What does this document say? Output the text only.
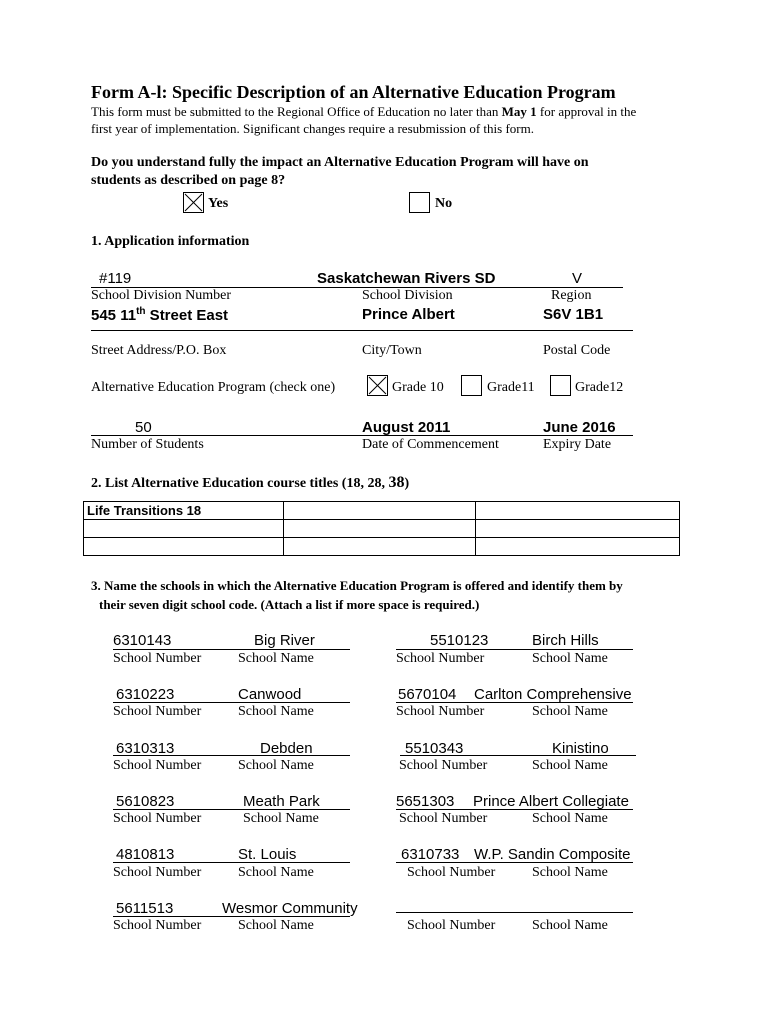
Form A-l: Specific Description of an Alternative Education Program
This form must be submitted to the Regional Office of Education no later than May 1 for approval in the
first year of implementation. Significant changes require a resubmission of this form.
Do you understand fully the impact an Alternative Education Program will have on
students as described on page 8?
Yes	No
1. Application information
#119	Saskatchewan Rivers SD	V
School Division Number	School Division	Region
545 11th Street East	Prince Albert	S6V 1B1
Street Address/P.O. Box	City/Town	Postal Code
Alternative Education Program (check one)	Grade 10	Grade11	Grade12
50	August 2011	June 2016
Number of Students	Date of Commencement	Expiry Date
2. List Alternative Education course titles (18, 28, 38)
Life Transitions 18		

3. Name the schools in which the Alternative Education Program is offered and identify them by
their seven digit school code. (Attach a list if more space is required.)
6310143	Big River	5510123	Birch Hills
School Number	School Name	School Number	School Name
6310223	Canwood	5670104 Carlton Comprehensive
School Number	School Name	School Number	School Name
6310313	Debden	5510343	Kinistino
School Number	School Name	School Number	School Name
5610823	Meath Park	5651303 Prince Albert Collegiate
School Number	School Name	School Number	School Name
4810813	St. Louis	6310733 W.P. Sandin Composite
School Number	School Name	School Number	School Name
5611513	Wesmor Community
School Number	School Name	School Number	School Name
